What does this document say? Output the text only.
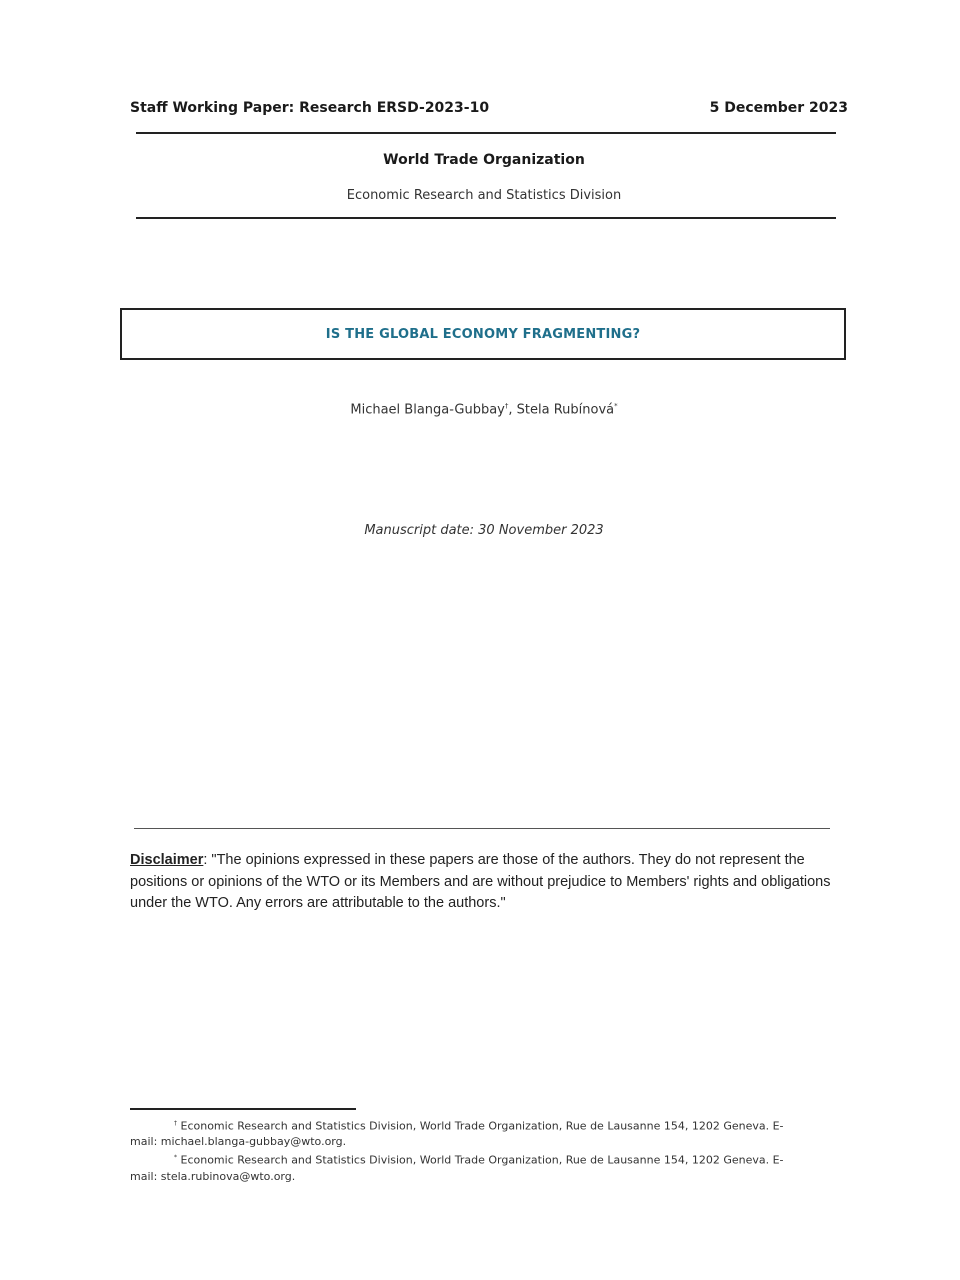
Staff Working Paper: Research ERSD-2023-10	5 December 2023
World Trade Organization
Economic Research and Statistics Division
IS THE GLOBAL ECONOMY FRAGMENTING?
Michael Blanga-Gubbay†, Stela Rubínová*
Manuscript date: 30 November 2023
Disclaimer: "The opinions expressed in these papers are those of the authors. They do not represent the positions or opinions of the WTO or its Members and are without prejudice to Members' rights and obligations under the WTO. Any errors are attributable to the authors."
† Economic Research and Statistics Division, World Trade Organization, Rue de Lausanne 154, 1202 Geneva. E-mail: michael.blanga-gubbay@wto.org.
* Economic Research and Statistics Division, World Trade Organization, Rue de Lausanne 154, 1202 Geneva. E-mail: stela.rubinova@wto.org.
